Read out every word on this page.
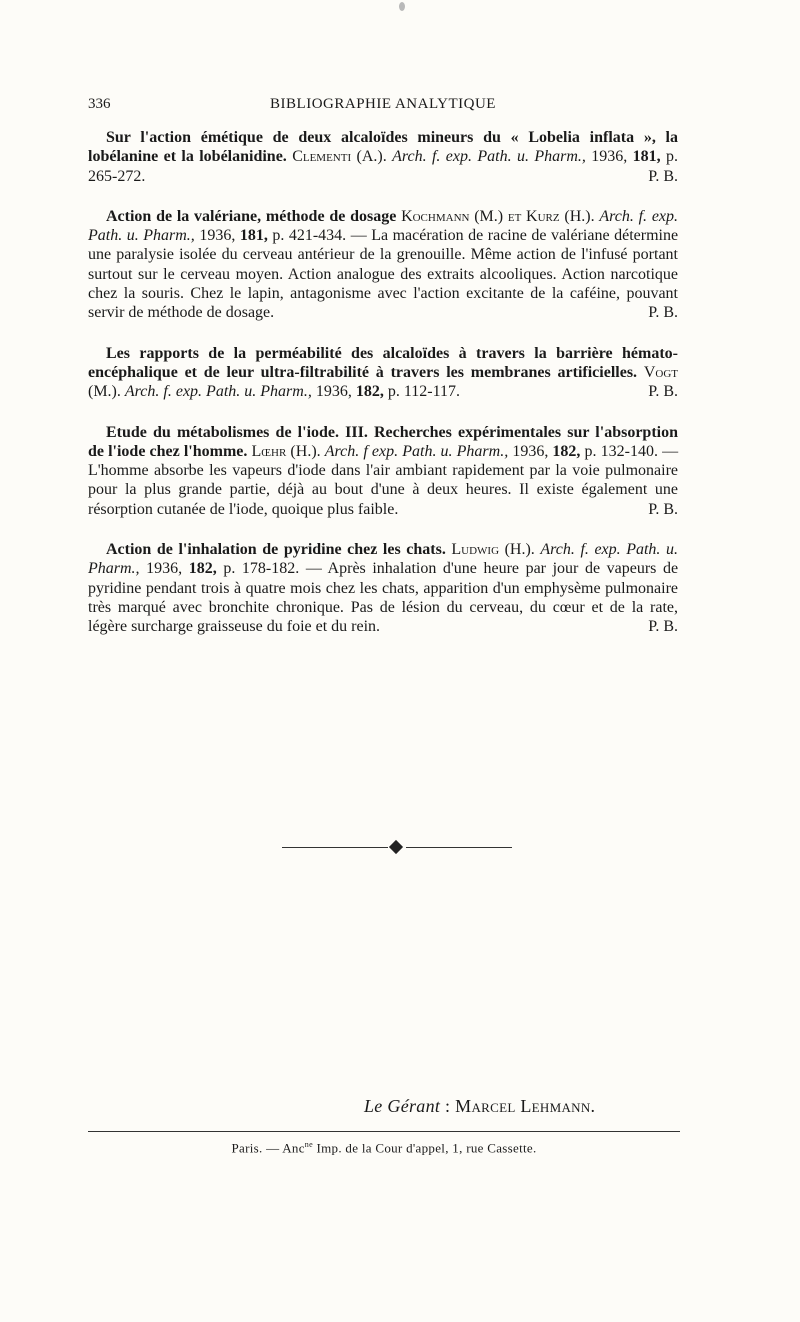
336	BIBLIOGRAPHIE ANALYTIQUE

Sur l'action émétique de deux alcaloïdes mineurs du « Lobelia inflata », la lobélanine et la lobélanidine. Clementi (A.). Arch. f. exp. Path. u. Pharm., 1936, 181, p. 265-272.	P. B.

Action de la valériane, méthode de dosage Kochmann (M.) et Kurz (H.). Arch. f. exp. Path. u. Pharm., 1936, 181, p. 421-434. — La macération de racine de valériane détermine une paralysie isolée du cerveau antérieur de la grenouille. Même action de l'infusé portant surtout sur le cerveau moyen. Action analogue des extraits alcooliques. Action narcotique chez la souris. Chez le lapin, antagonisme avec l'action excitante de la caféine, pouvant servir de méthode de dosage.	P. B.

Les rapports de la perméabilité des alcaloïdes à travers la barrière hémato-encéphalique et de leur ultra-filtrabilité à travers les membranes artificielles. Vogt (M.). Arch. f. exp. Path. u. Pharm., 1936, 182, p. 112-117.	P. B.

Etude du métabolismes de l'iode. III. Recherches expérimentales sur l'absorption de l'iode chez l'homme. Lœhr (H.). Arch. f exp. Path. u. Pharm., 1936, 182, p. 132-140. — L'homme absorbe les vapeurs d'iode dans l'air ambiant rapidement par la voie pulmonaire pour la plus grande partie, déjà au bout d'une à deux heures. Il existe également une résorption cutanée de l'iode, quoique plus faible.	P. B.

Action de l'inhalation de pyridine chez les chats. Ludwig (H.). Arch. f. exp. Path. u. Pharm., 1936, 182, p. 178-182. — Après inhalation d'une heure par jour de vapeurs de pyridine pendant trois à quatre mois chez les chats, apparition d'un emphysème pulmonaire très marqué avec bronchite chronique. Pas de lésion du cerveau, du cœur et de la rate, légère surcharge graisseuse du foie et du rein.	P. B.

Le Gérant : Marcel Lehmann.
Paris. — Anc$^{ne}$ Imp. de la Cour d'appel, 1, rue Cassette.
